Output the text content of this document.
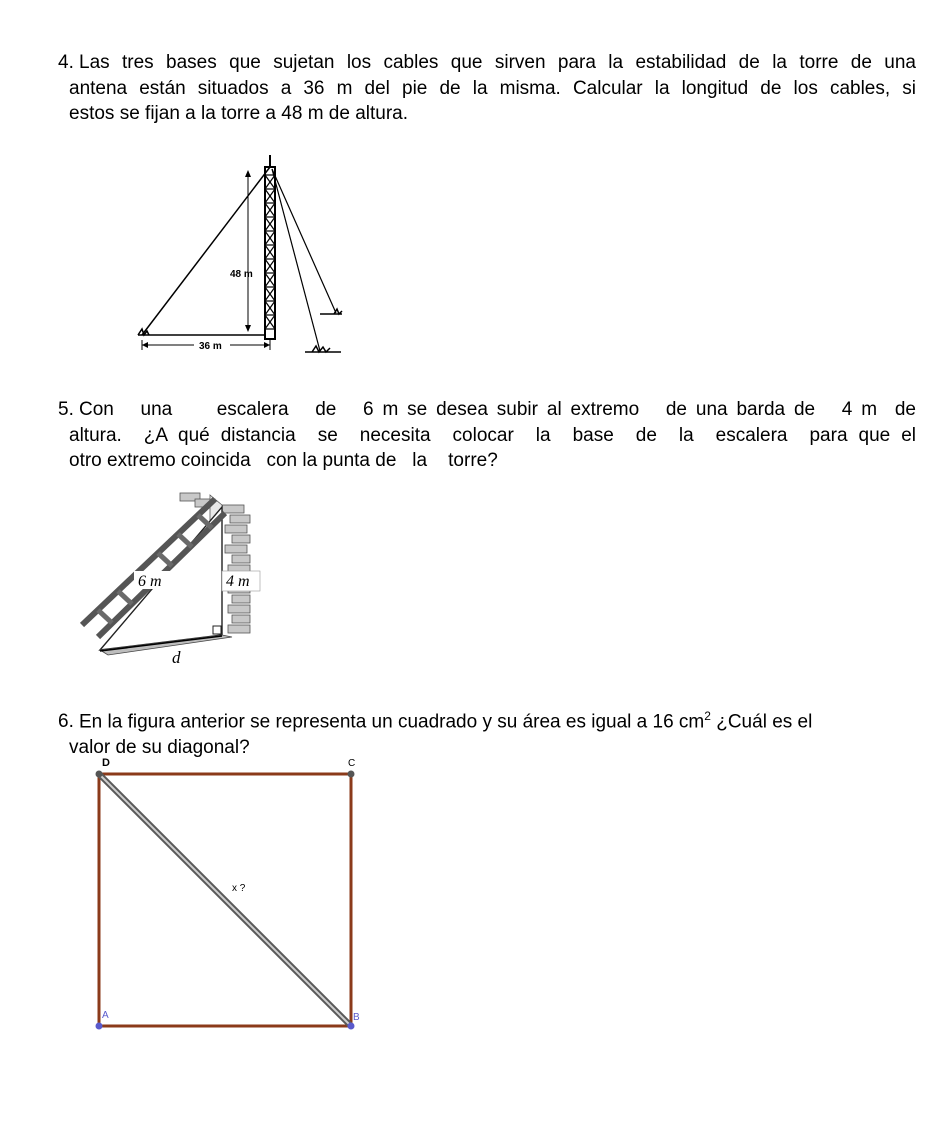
4. Las tres bases que sujetan los cables que sirven para la estabilidad de la torre de una
antena están situados a 36 m del pie de la misma. Calcular la longitud de los cables, si
estos se fijan a la torre a 48 m de altura.

48 m
36 m

5. Con   una     escalera   de   6 m se desea subir al extremo   de una barda de   4 m  de
altura.  ¿A qué distancia  se  necesita  colocar  la  base  de  la  escalera  para que el
otro extremo coincida   con la punta de   la    torre?

6 m	4 m
d

6. En la figura anterior se representa un cuadrado y su área es igual a 16 $cm^2$ ¿Cuál es el
valor de su diagonal?

D	C
A	B
x ?
